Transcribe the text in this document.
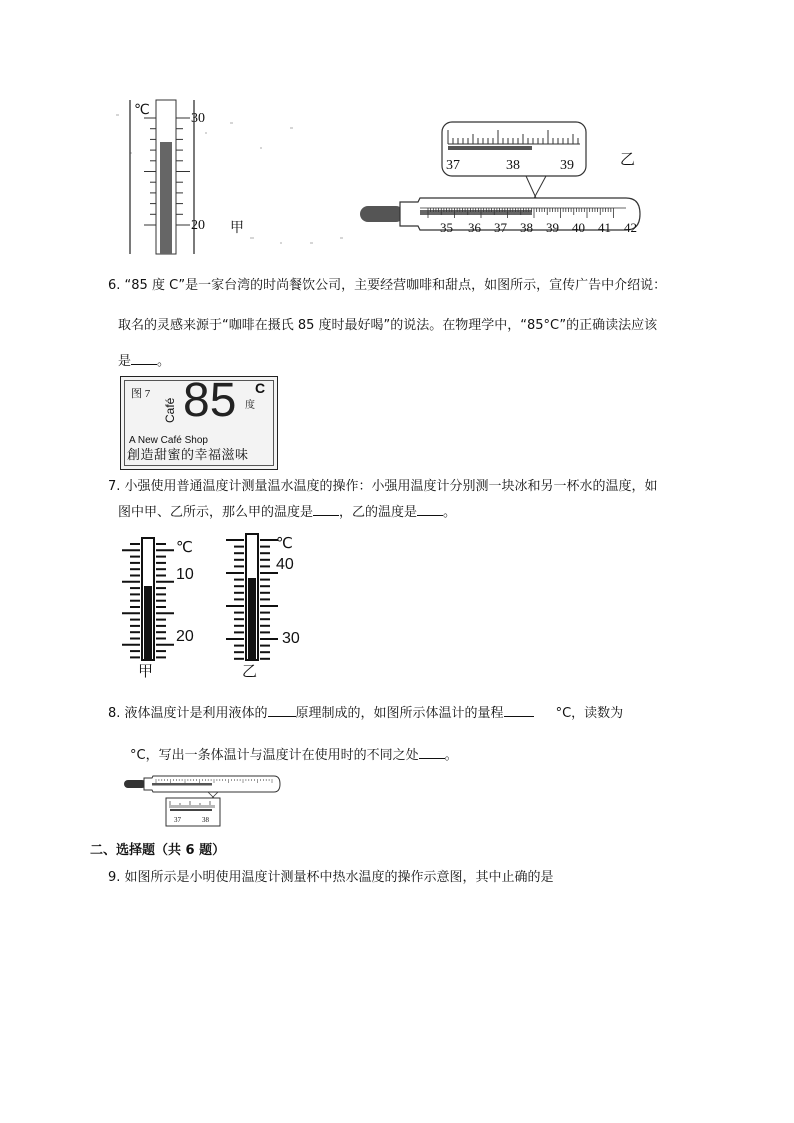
℃
30
20 甲
37	38	39	乙
35 36 37 38 39 40 41 42
6. “85 度 C”是一家台湾的时尚餐饮公司，主要经营咖啡和甜点，如图所示，宣传广告中介绍说：
取名的灵感来源于“咖啡在摄氏 85 度时最好喝”的说法。在物理学中，“85°C”的正确读法应该
是 。
图 7
Café 85 C
度
A New Café Shop
創造甜蜜的幸福滋味
7. 小强使用普通温度计测量温水温度的操作：小强用温度计分别测一块冰和另一杯水的温度，如
图中甲、乙所示，那么甲的温度是 ，乙的温度是 。
℃
10
20
甲
℃
40
30
乙
8. 液体温度计是利用液体的 原理制成的，如图所示体温计的量程	°C，读数为
°C，写出一条体温计与温度计在使用时的不同之处 。
37	38
二、选择题（共 6 题）
9. 如图所示是小明使用温度计测量杯中热水温度的操作示意图，其中止确的是
